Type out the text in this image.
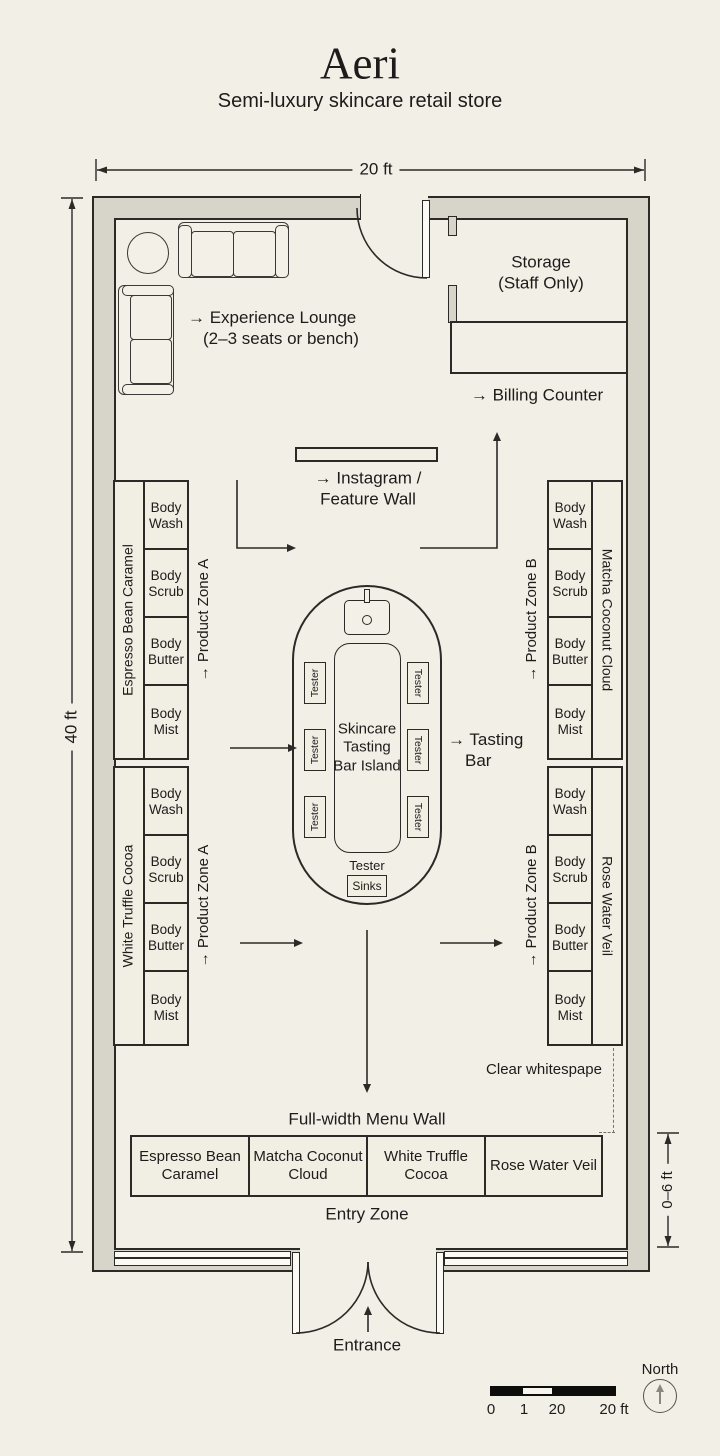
Body Wash
Body Scrub
Body Butter
Body Mist
Body Wash
Body Scrub
Body Butter
Body Mist
Body Wash
Body Scrub
Body Butter
Body Mist
Body Wash
Body Scrub
Body Butter
Body Mist
Tester
Tester
Tester
Tester
Tester
Tester
Sinks
Espresso Bean Caramel
Matcha Coconut Cloud
White Truffle Cocoa
Rose Water Veil
Aeri
Semi-luxury skincare retail store
20 ft
40 ft
0–6 ft
→ Experience Lounge
(2–3 seats or bench)
Storage
(Staff Only)
→ Billing Counter
→ Instagram /
Feature Wall
Espresso Bean Caramel
White Truffle Cocoa
Matcha Coconut Cloud
Rose Water Veil
→ Product Zone A
→ Product Zone A
→ Product Zone B
→ Product Zone B
Skincare
Tasting
Bar Island
Tester
→ Tasting
Bar
Clear whitespape
Full-width Menu Wall
Entry Zone
Entrance
0 1 20 20 ft
North
